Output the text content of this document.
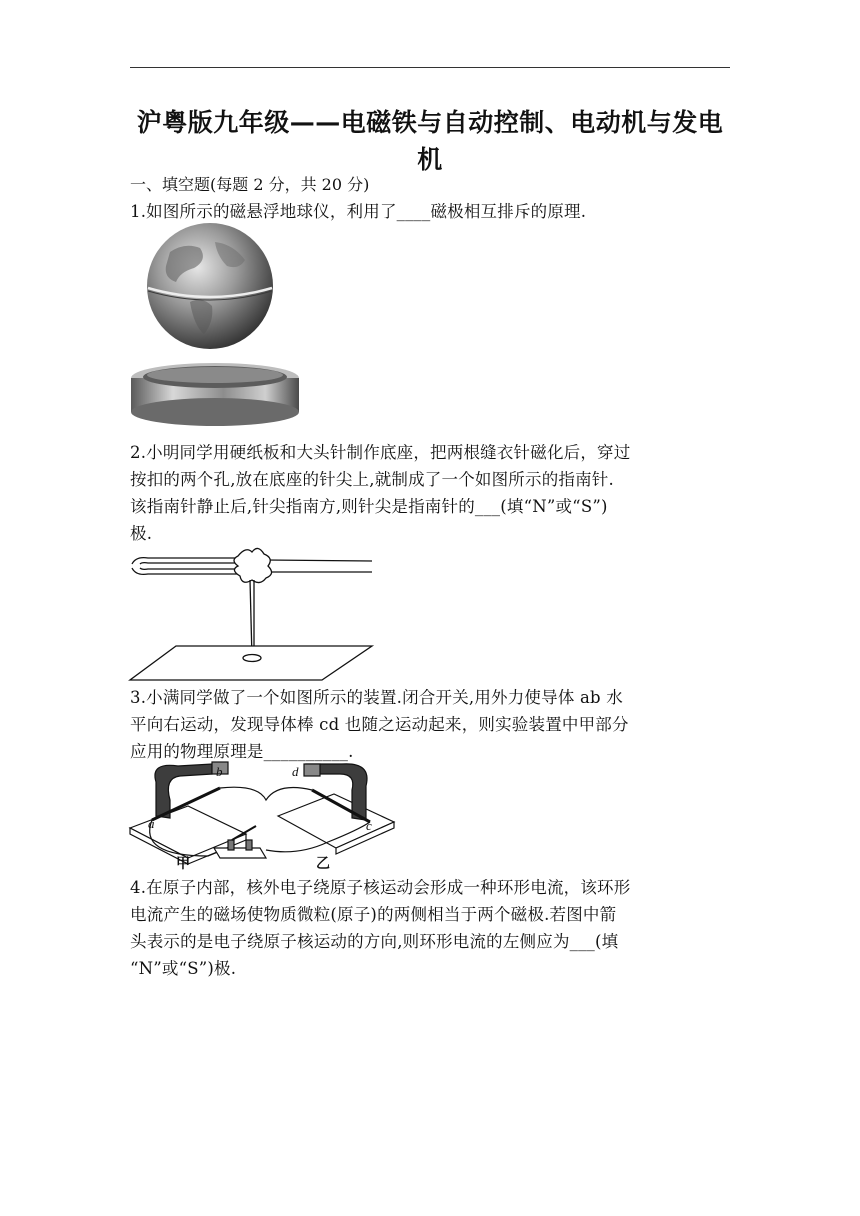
沪粤版九年级——电磁铁与自动控制、电动机与发电
机
一、填空题(每题 2 分，共 20 分)
1.如图所示的磁悬浮地球仪，利用了____磁极相互排斥的原理.
2.小明同学用硬纸板和大头针制作底座，把两根缝衣针磁化后，穿过
按扣的两个孔,放在底座的针尖上,就制成了一个如图所示的指南针.
该指南针静止后,针尖指南方,则针尖是指南针的___(填“N”或“S”)
极.
3.小满同学做了一个如图所示的装置.闭合开关,用外力使导体 ab 水
平向右运动，发现导体棒 cd 也随之运动起来，则实验装置中甲部分
应用的物理原理是__________.
b
a
d
c
甲	乙
4.在原子内部，核外电子绕原子核运动会形成一种环形电流，该环形
电流产生的磁场使物质微粒(原子)的两侧相当于两个磁极.若图中箭
头表示的是电子绕原子核运动的方向,则环形电流的左侧应为___(填
“N”或“S”)极.
